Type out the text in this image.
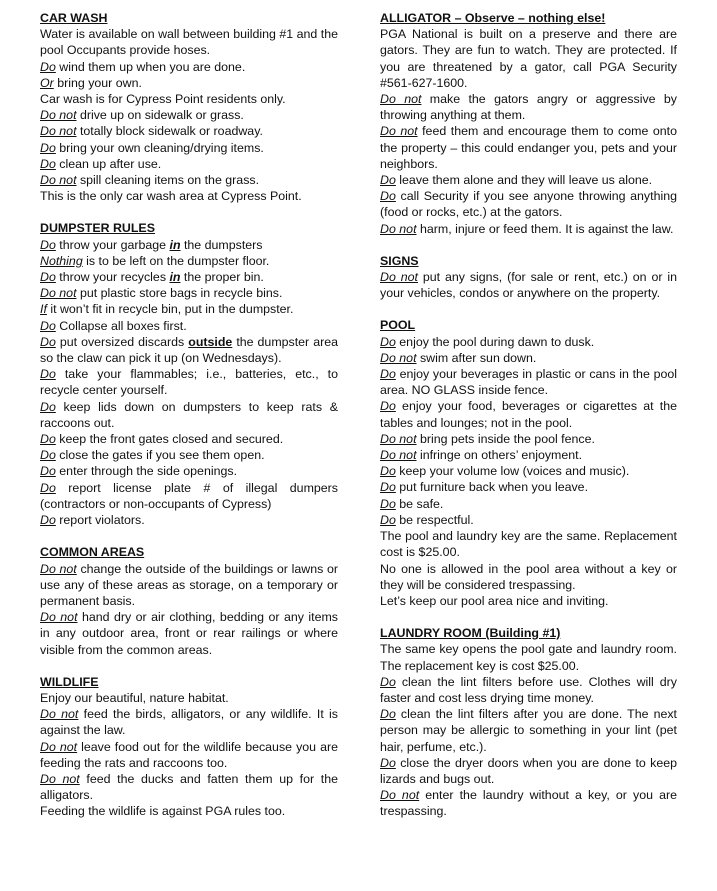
CAR WASH
Water is available on wall between building #1 and the pool Occupants provide hoses.
Do wind them up when you are done.
Or bring your own.
Car wash is for Cypress Point residents only.
Do not drive up on sidewalk or grass.
Do not totally block sidewalk or roadway.
Do bring your own cleaning/drying items.
Do clean up after use.
Do not spill cleaning items on the grass.
This is the only car wash area at Cypress Point.
DUMPSTER RULES
Do throw your garbage in the dumpsters
Nothing is to be left on the dumpster floor.
Do throw your recycles in the proper bin.
Do not put plastic store bags in recycle bins.
If it won’t fit in recycle bin, put in the dumpster.
Do Collapse all boxes first.
Do put oversized discards outside the dumpster area so the claw can pick it up (on Wednesdays).
Do take your flammables; i.e., batteries, etc., to recycle center yourself.
Do keep lids down on dumpsters to keep rats & raccoons out.
Do keep the front gates closed and secured.
Do close the gates if you see them open.
Do enter through the side openings.
Do report license plate # of illegal dumpers (contractors or non-occupants of Cypress)
Do report violators.
COMMON AREAS
Do not change the outside of the buildings or lawns or use any of these areas as storage, on a temporary or permanent basis.
Do not hand dry or air clothing, bedding or any items in any outdoor area, front or rear railings or where visible from the common areas.
WILDLIFE
Enjoy our beautiful, nature habitat.
Do not feed the birds, alligators, or any wildlife. It is against the law.
Do not leave food out for the wildlife because you are feeding the rats and raccoons too.
Do not feed the ducks and fatten them up for the alligators.
Feeding the wildlife is against PGA rules too.
ALLIGATOR – Observe – nothing else!
PGA National is built on a preserve and there are gators. They are fun to watch. They are protected. If you are threatened by a gator, call PGA Security #561-627-1600.
Do not make the gators angry or aggressive by throwing anything at them.
Do not feed them and encourage them to come onto the property – this could endanger you, pets and your neighbors.
Do leave them alone and they will leave us alone.
Do call Security if you see anyone throwing anything (food or rocks, etc.) at the gators.
Do not harm, injure or feed them. It is against the law.
SIGNS
Do not put any signs, (for sale or rent, etc.) on or in your vehicles, condos or anywhere on the property.
POOL
Do enjoy the pool during dawn to dusk.
Do not swim after sun down.
Do enjoy your beverages in plastic or cans in the pool area. NO GLASS inside fence.
Do enjoy your food, beverages or cigarettes at the tables and lounges; not in the pool.
Do not bring pets inside the pool fence.
Do not infringe on others’ enjoyment.
Do keep your volume low (voices and music).
Do put furniture back when you leave.
Do be safe.
Do be respectful.
The pool and laundry key are the same. Replacement cost is $25.00.
No one is allowed in the pool area without a key or they will be considered trespassing.
Let’s keep our pool area nice and inviting.
LAUNDRY ROOM (Building #1)
The same key opens the pool gate and laundry room. The replacement key is cost $25.00.
Do clean the lint filters before use. Clothes will dry faster and cost less drying time money.
Do clean the lint filters after you are done. The next person may be allergic to something in your lint (pet hair, perfume, etc.).
Do close the dryer doors when you are done to keep lizards and bugs out.
Do not enter the laundry without a key, or you are trespassing.
